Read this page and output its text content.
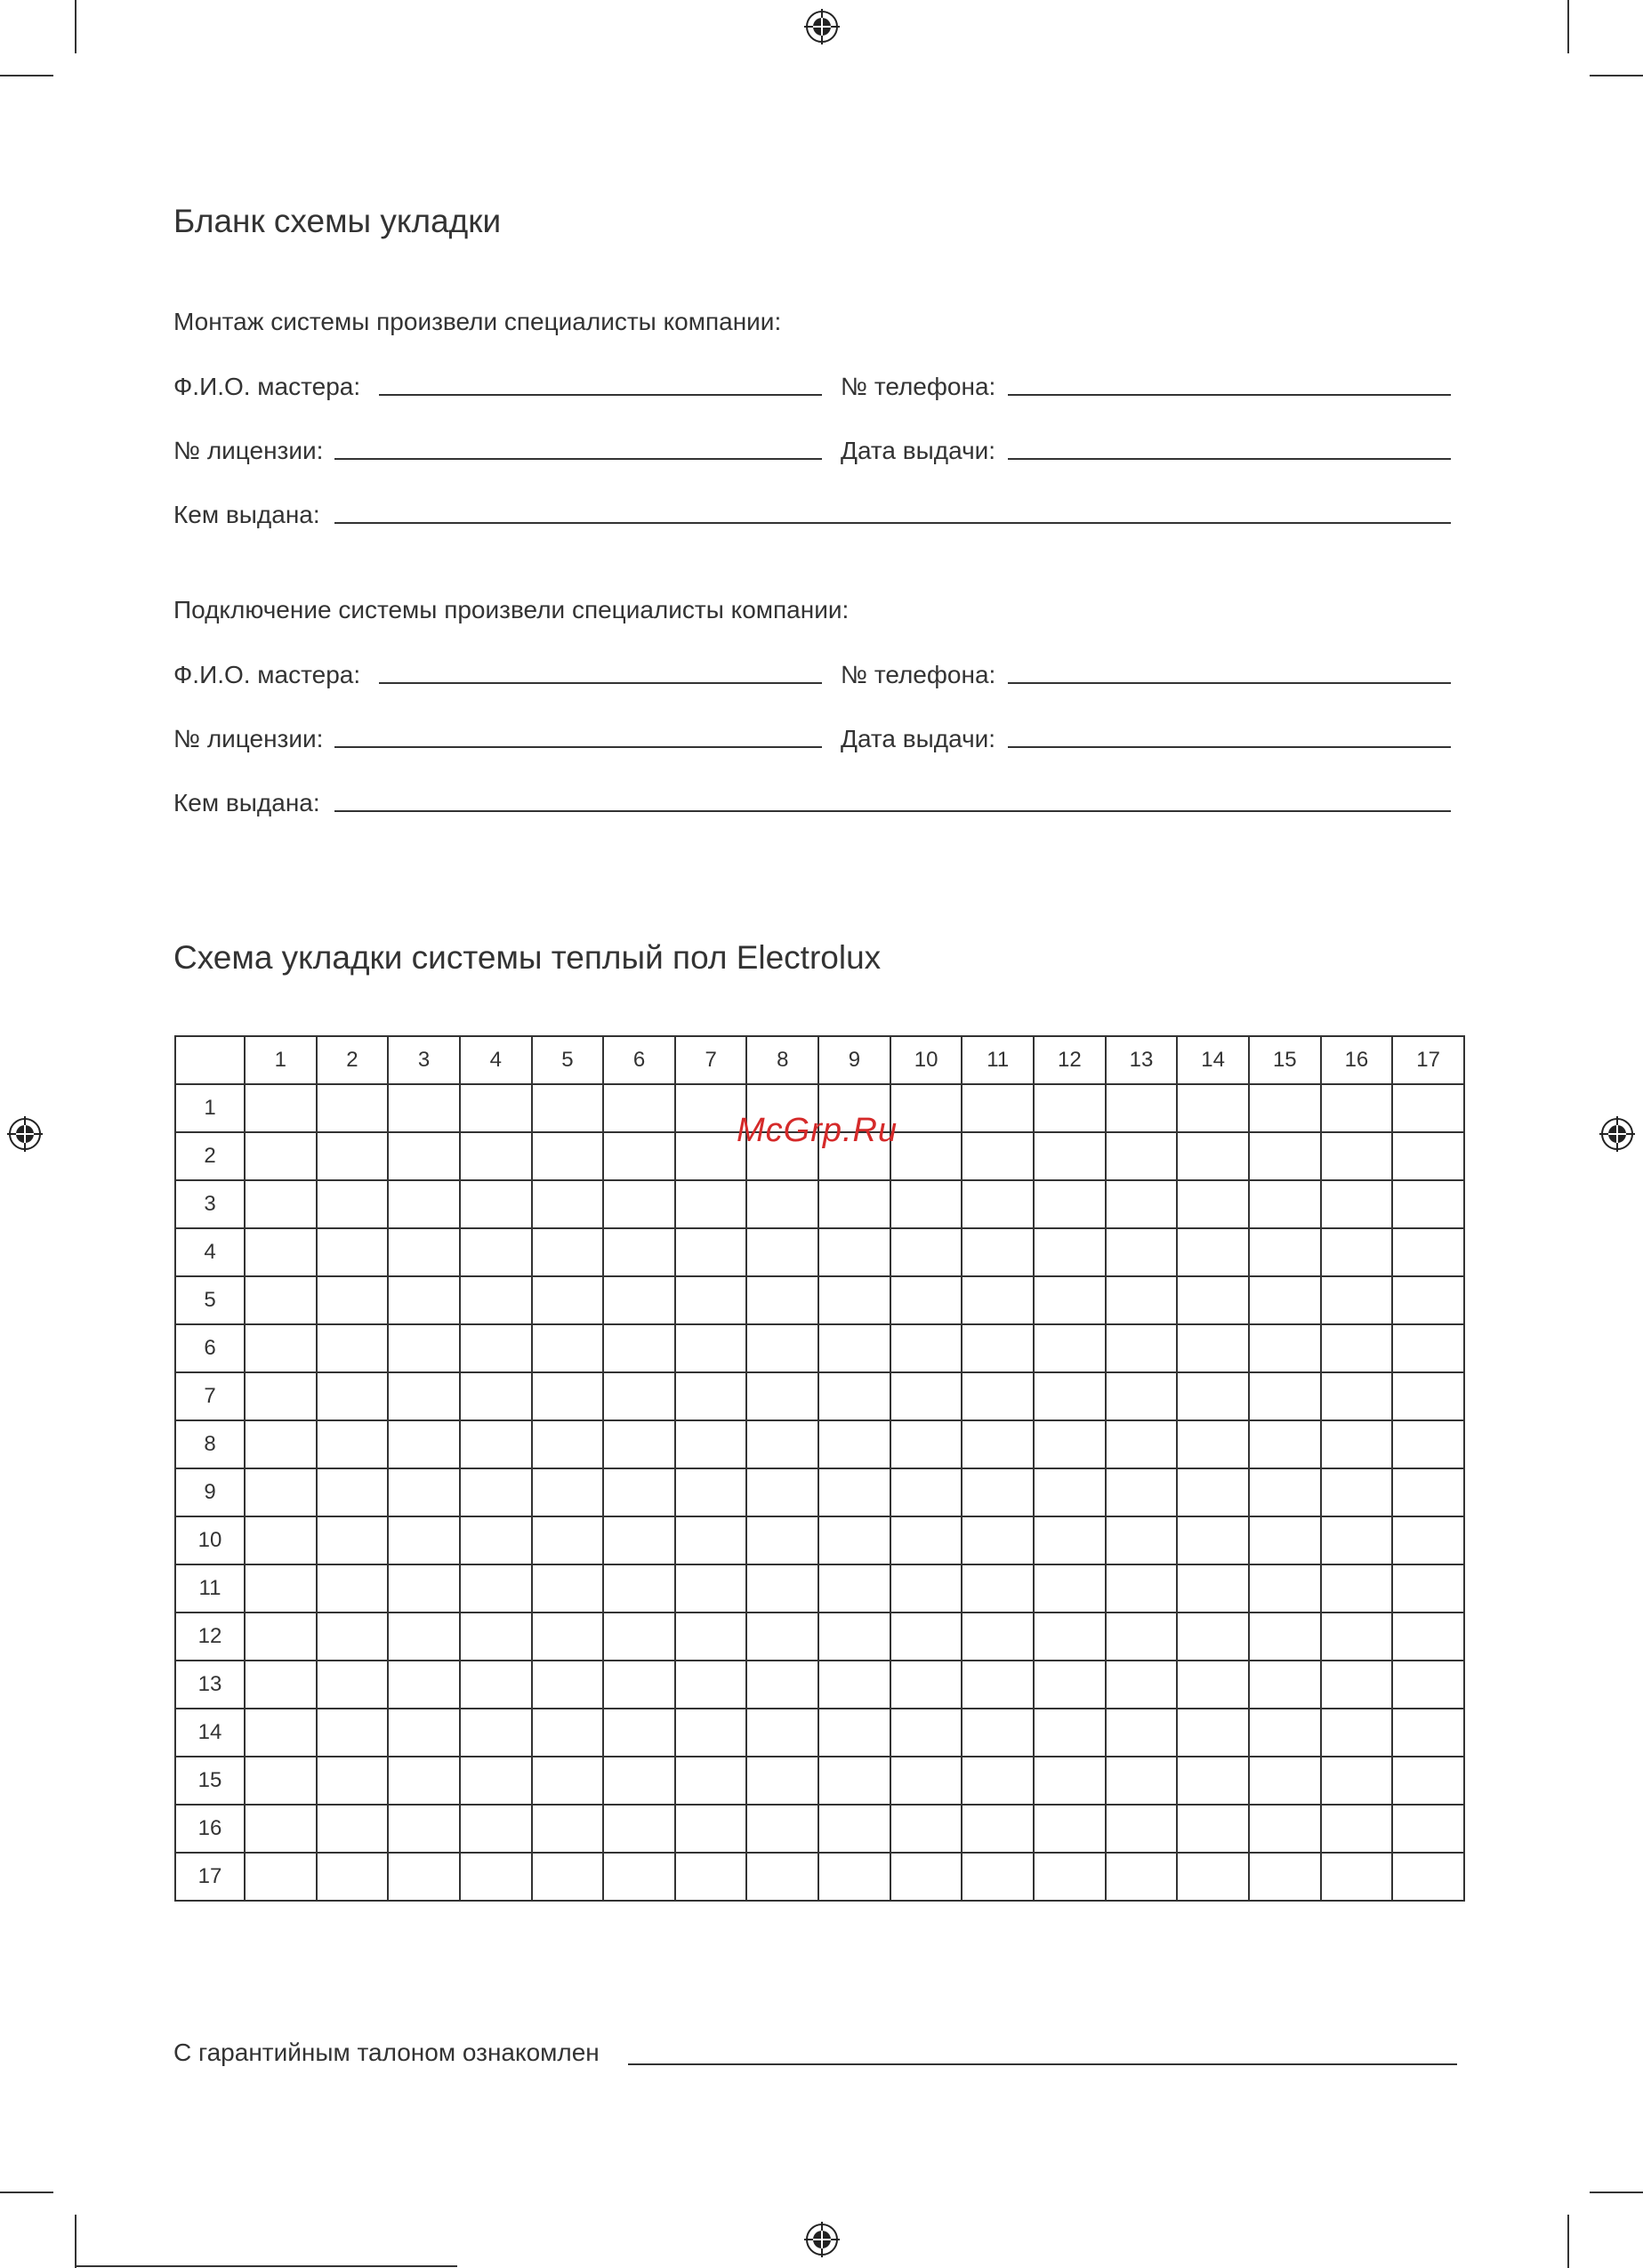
Бланк схемы укладки
Монтаж системы произвели специалисты компании:
Ф.И.О. мастера:	№ телефона:
№ лицензии:	Дата выдачи:
Кем выдана:
Подключение системы произвели специалисты компании:
Ф.И.О. мастера:	№ телефона:
№ лицензии:	Дата выдачи:
Кем выдана:
Схема укладки системы теплый пол Electrolux
	1	2	3	4	5	6	7	8	9	10	11	12	13	14	15	16	17
1																	
2																	
3																	
4																	
5																	
6																	
7																	
8																	
9																	
10																	
11																	
12																	
13																	
14																	
15																	
16																	
17																	
McGrp.Ru
С гарантийным талоном ознакомлен
